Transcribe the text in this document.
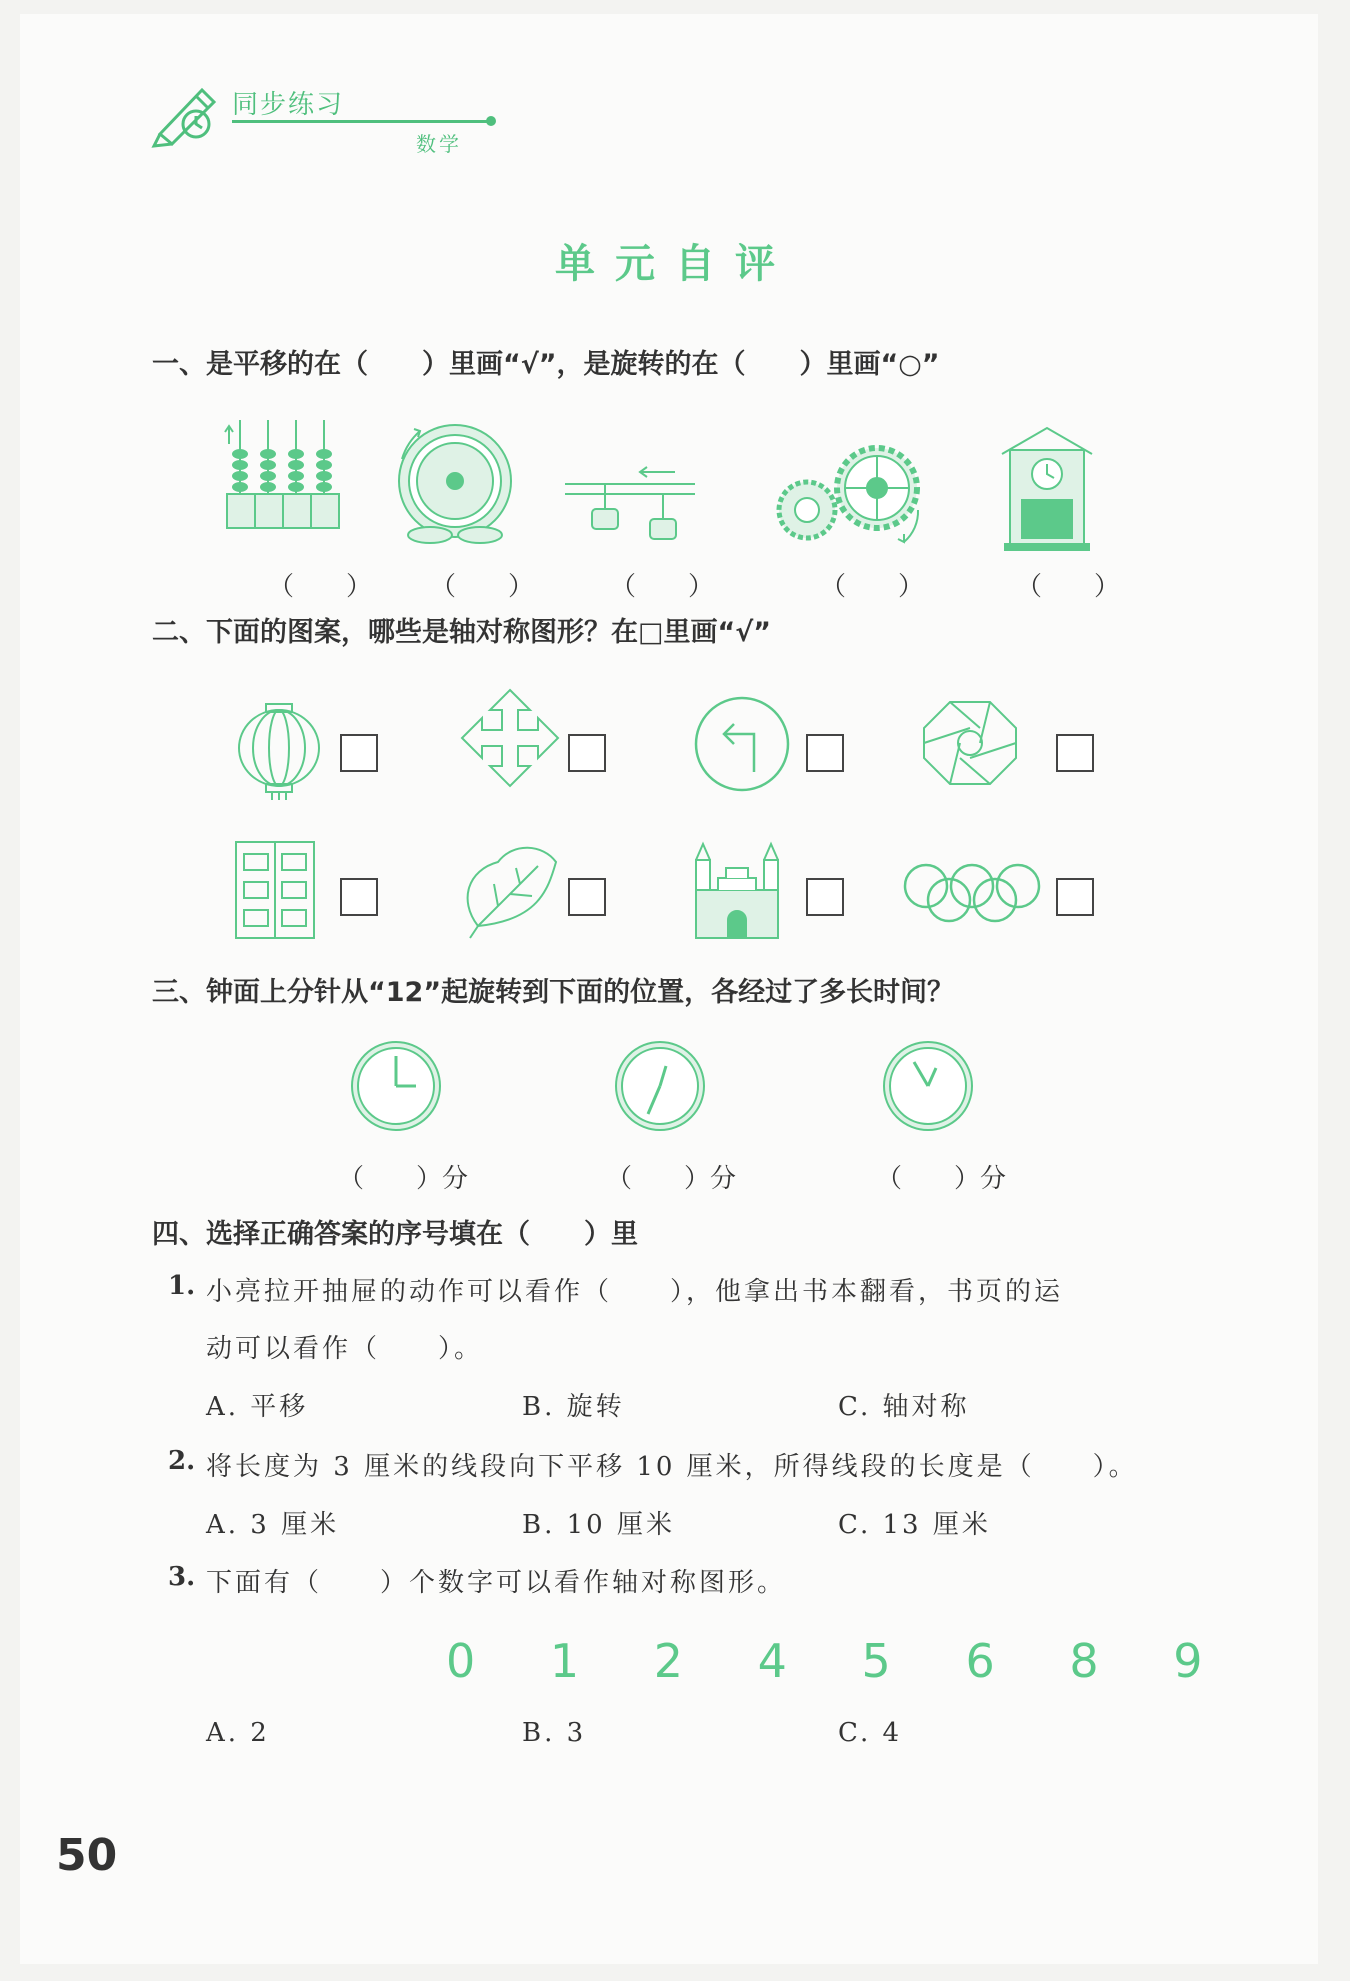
同步练习
数学
单元自评
一、是平移的在（　　）里画“√”，是旋转的在（　　）里画“○”
（　　） （　　）	（　　）	（　　）	（　　）
二、下面的图案，哪些是轴对称图形？在□里画“√”
三、钟面上分针从“12”起旋转到下面的位置，各经过了多长时间？
（　　）分	（　　）分	（　　）分
四、选择正确答案的序号填在（　　）里
1. 小亮拉开抽屉的动作可以看作（　　），他拿出书本翻看，书页的运
动可以看作（　　）。
A. 平移	B. 旋转	C. 轴对称
2. 将长度为 3 厘米的线段向下平移 10 厘米，所得线段的长度是（　　）。
A. 3 厘米	B. 10 厘米	C. 13 厘米
3. 下面有（　　）个数字可以看作轴对称图形。
0 1 2 4 5 6 8 9
A. 2	B. 3	C. 4
50
